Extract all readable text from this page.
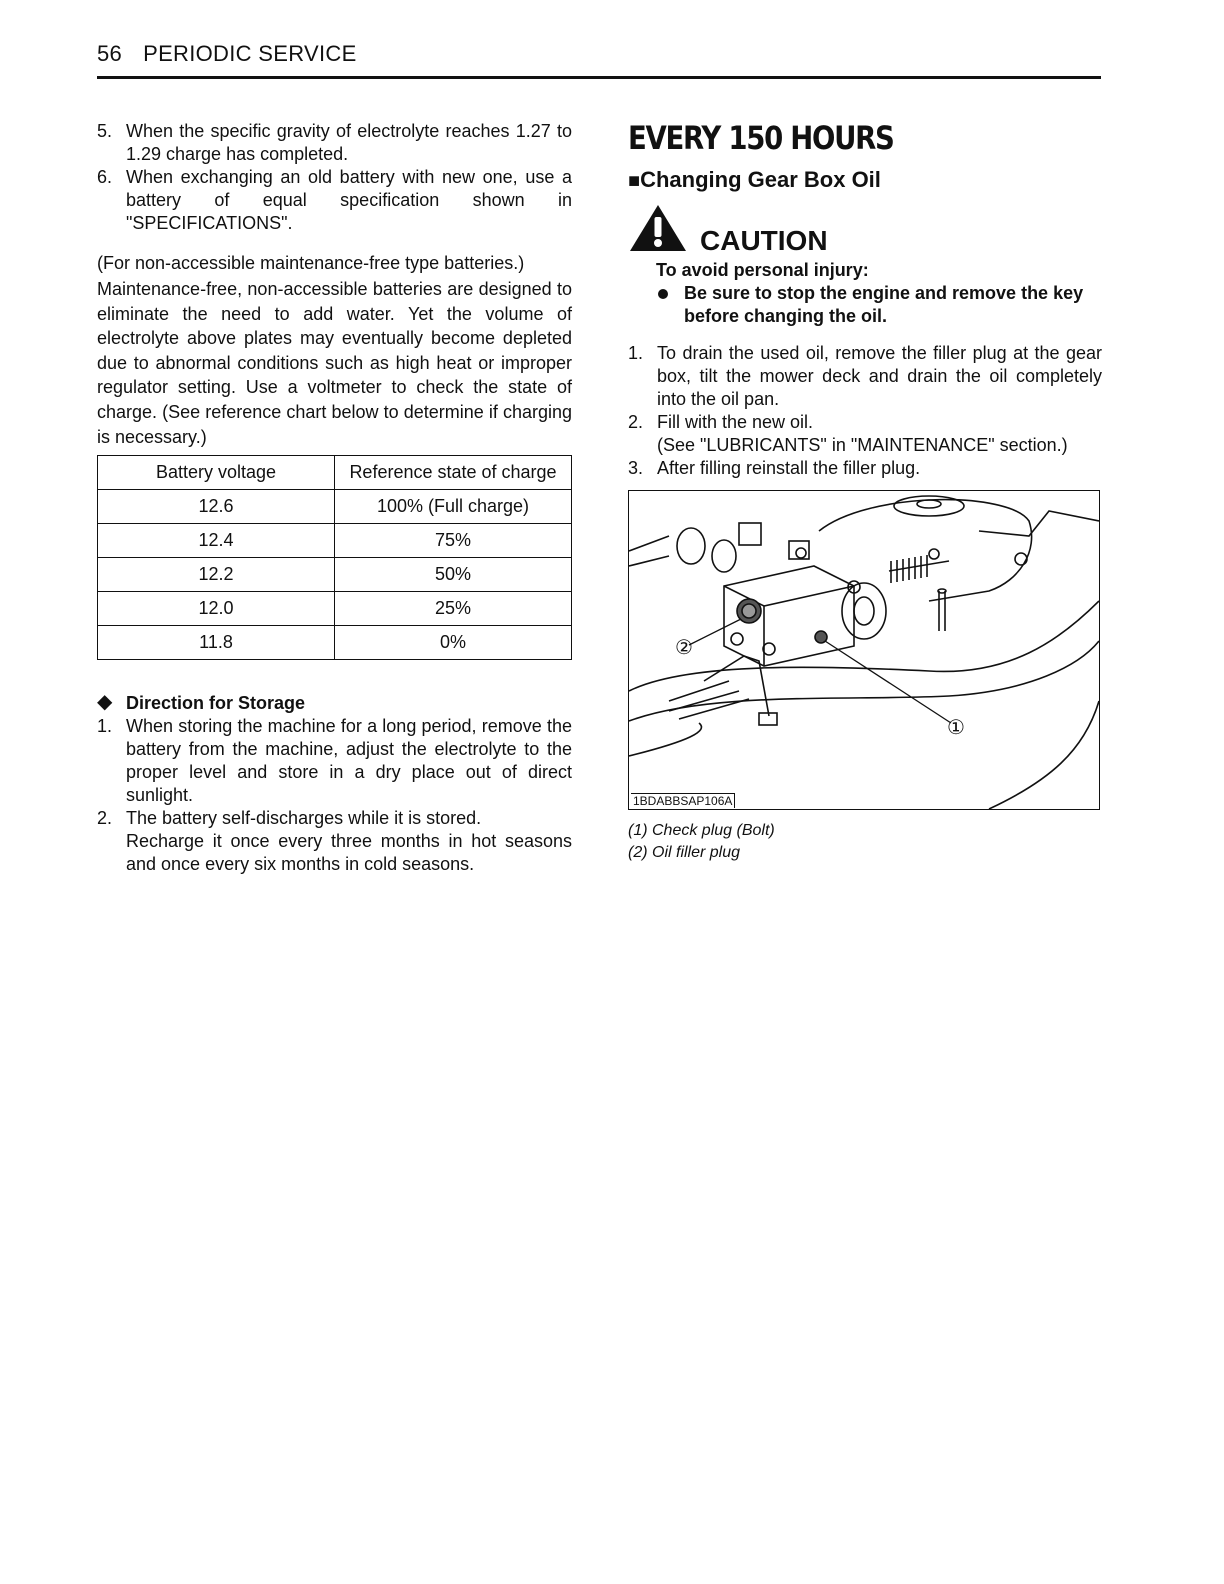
56 PERIODIC SERVICE
5. When the specific gravity of electrolyte reaches 1.27 to 1.29 charge has completed.
6. When exchanging an old battery with new one, use a
battery of equal specification shown in
"SPECIFICATIONS".

(For non-accessible maintenance-free type batteries.)

Maintenance-free, non-accessible batteries are designed to eliminate the need to add water. Yet the volume of electrolyte above plates may eventually become depleted due to abnormal conditions such as high heat or improper regulator setting. Use a voltmeter to check the state of charge. (See reference chart below to determine if charging is necessary.)

Battery voltage	Reference state of charge
12.6	100% (Full charge)
12.4	75%
12.2	50%
12.0	25%
11.8	0%
◆ Direction for Storage
1. When storing the machine for a long period, remove the battery from the machine, adjust the electrolyte to the proper level and store in a dry place out of direct sunlight.
2. The battery self-discharges while it is stored.
Recharge it once every three months in hot seasons and once every six months in cold seasons.
EVERY 150 HOURS
■Changing Gear Box Oil
CAUTION
To avoid personal injury:
Be sure to stop the engine and remove the key before changing the oil.
1. To drain the used oil, remove the filler plug at the gear box, tilt the mower deck and drain the oil completely into the oil pan.
2. Fill with the new oil.
(See "LUBRICANTS" in "MAINTENANCE" section.)
3. After filling reinstall the filler plug.
②
①
1BDABBSAP106A
(1) Check plug (Bolt)
(2) Oil filler plug
